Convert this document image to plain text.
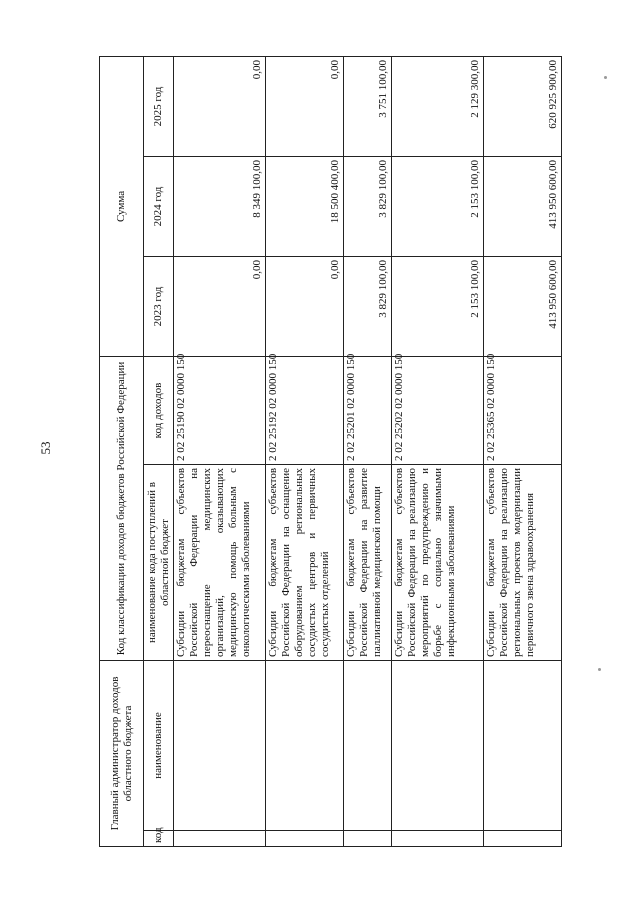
53
Главный администратор доходов областного бюджета		Код классификации доходов бюджетов Российской Федерации		Сумма		
код	наименование	наименование кода поступлений в областной бюджет	код доходов	2023 год	2024 год	2025 год
		Субсидии бюджетам субъектов Российской Федерации на переоснащение медицинских организаций, оказывающих медицинскую помощь больным с онкологическими заболеваниями	2 02 25190 02 0000 150	0,00	8 349 100,00	0,00
		Субсидии бюджетам субъектов Российской Федерации на оснащение оборудованием региональных сосудистых центров и первичных сосудистых отделений	2 02 25192 02 0000 150	0,00	18 500 400,00	0,00
		Субсидии бюджетам субъектов Российской Федерации на развитие паллиативной медицинской помощи	2 02 25201 02 0000 150	3 829 100,00	3 829 100,00	3 751 100,00
		Субсидии бюджетам субъектов Российской Федерации на реализацию мероприятий по предупреждению и борьбе с социально значимыми инфекционными заболеваниями	2 02 25202 02 0000 150	2 153 100,00	2 153 100,00	2 129 300,00
		Субсидии бюджетам субъектов Российской Федерации на реализацию региональных проектов модернизации первичного звена здравоохранения	2 02 25365 02 0000 150	413 950 600,00	413 950 600,00	620 925 900,00
